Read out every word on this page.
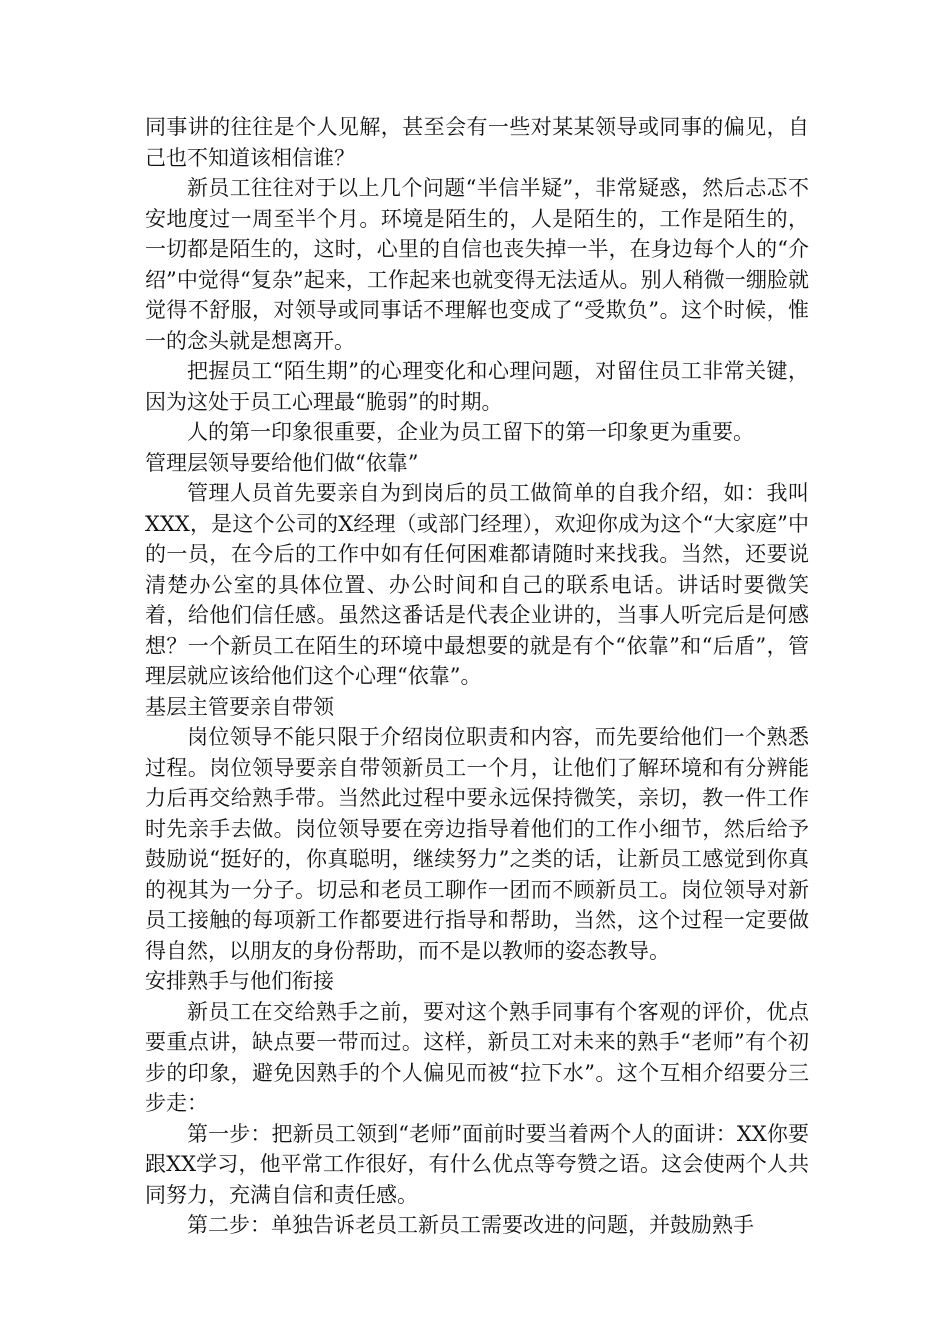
同事讲的往往是个人见解，甚至会有一些对某某领导或同事的偏见，自己也不知道该相信谁？

新员工往往对于以上几个问题“半信半疑”，非常疑惑，然后忐忑不安地度过一周至半个月。环境是陌生的，人是陌生的，工作是陌生的，一切都是陌生的，这时，心里的自信也丧失掉一半，在身边每个人的“介绍”中觉得“复杂”起来，工作起来也就变得无法适从。别人稍微一绷脸就觉得不舒服，对领导或同事话不理解也变成了“受欺负”。这个时候，惟一的念头就是想离开。

把握员工“陌生期”的心理变化和心理问题，对留住员工非常关键，因为这处于员工心理最“脆弱”的时期。

人的第一印象很重要，企业为员工留下的第一印象更为重要。

管理层领导要给他们做“依靠”

管理人员首先要亲自为到岗后的员工做简单的自我介绍，如：我叫XXX，是这个公司的X经理（或部门经理），欢迎你成为这个“大家庭”中的一员，在今后的工作中如有任何困难都请随时来找我。当然，还要说清楚办公室的具体位置、办公时间和自己的联系电话。讲话时要微笑着，给他们信任感。虽然这番话是代表企业讲的，当事人听完后是何感想？一个新员工在陌生的环境中最想要的就是有个“依靠”和“后盾”，管理层就应该给他们这个心理“依靠”。

基层主管要亲自带领

岗位领导不能只限于介绍岗位职责和内容，而先要给他们一个熟悉过程。岗位领导要亲自带领新员工一个月，让他们了解环境和有分辨能力后再交给熟手带。当然此过程中要永远保持微笑，亲切，教一件工作时先亲手去做。岗位领导要在旁边指导着他们的工作小细节，然后给予鼓励说“挺好的，你真聪明，继续努力”之类的话，让新员工感觉到你真的视其为一分子。切忌和老员工聊作一团而不顾新员工。岗位领导对新员工接触的每项新工作都要进行指导和帮助，当然，这个过程一定要做得自然，以朋友的身份帮助，而不是以教师的姿态教导。

安排熟手与他们衔接

新员工在交给熟手之前，要对这个熟手同事有个客观的评价，优点要重点讲，缺点要一带而过。这样，新员工对未来的熟手“老师”有个初步的印象，避免因熟手的个人偏见而被“拉下水”。这个互相介绍要分三步走：

第一步：把新员工领到“老师”面前时要当着两个人的面讲：XX你要跟XX学习，他平常工作很好，有什么优点等夸赞之语。这会使两个人共同努力，充满自信和责任感。

第二步：单独告诉老员工新员工需要改进的问题，并鼓励熟手
